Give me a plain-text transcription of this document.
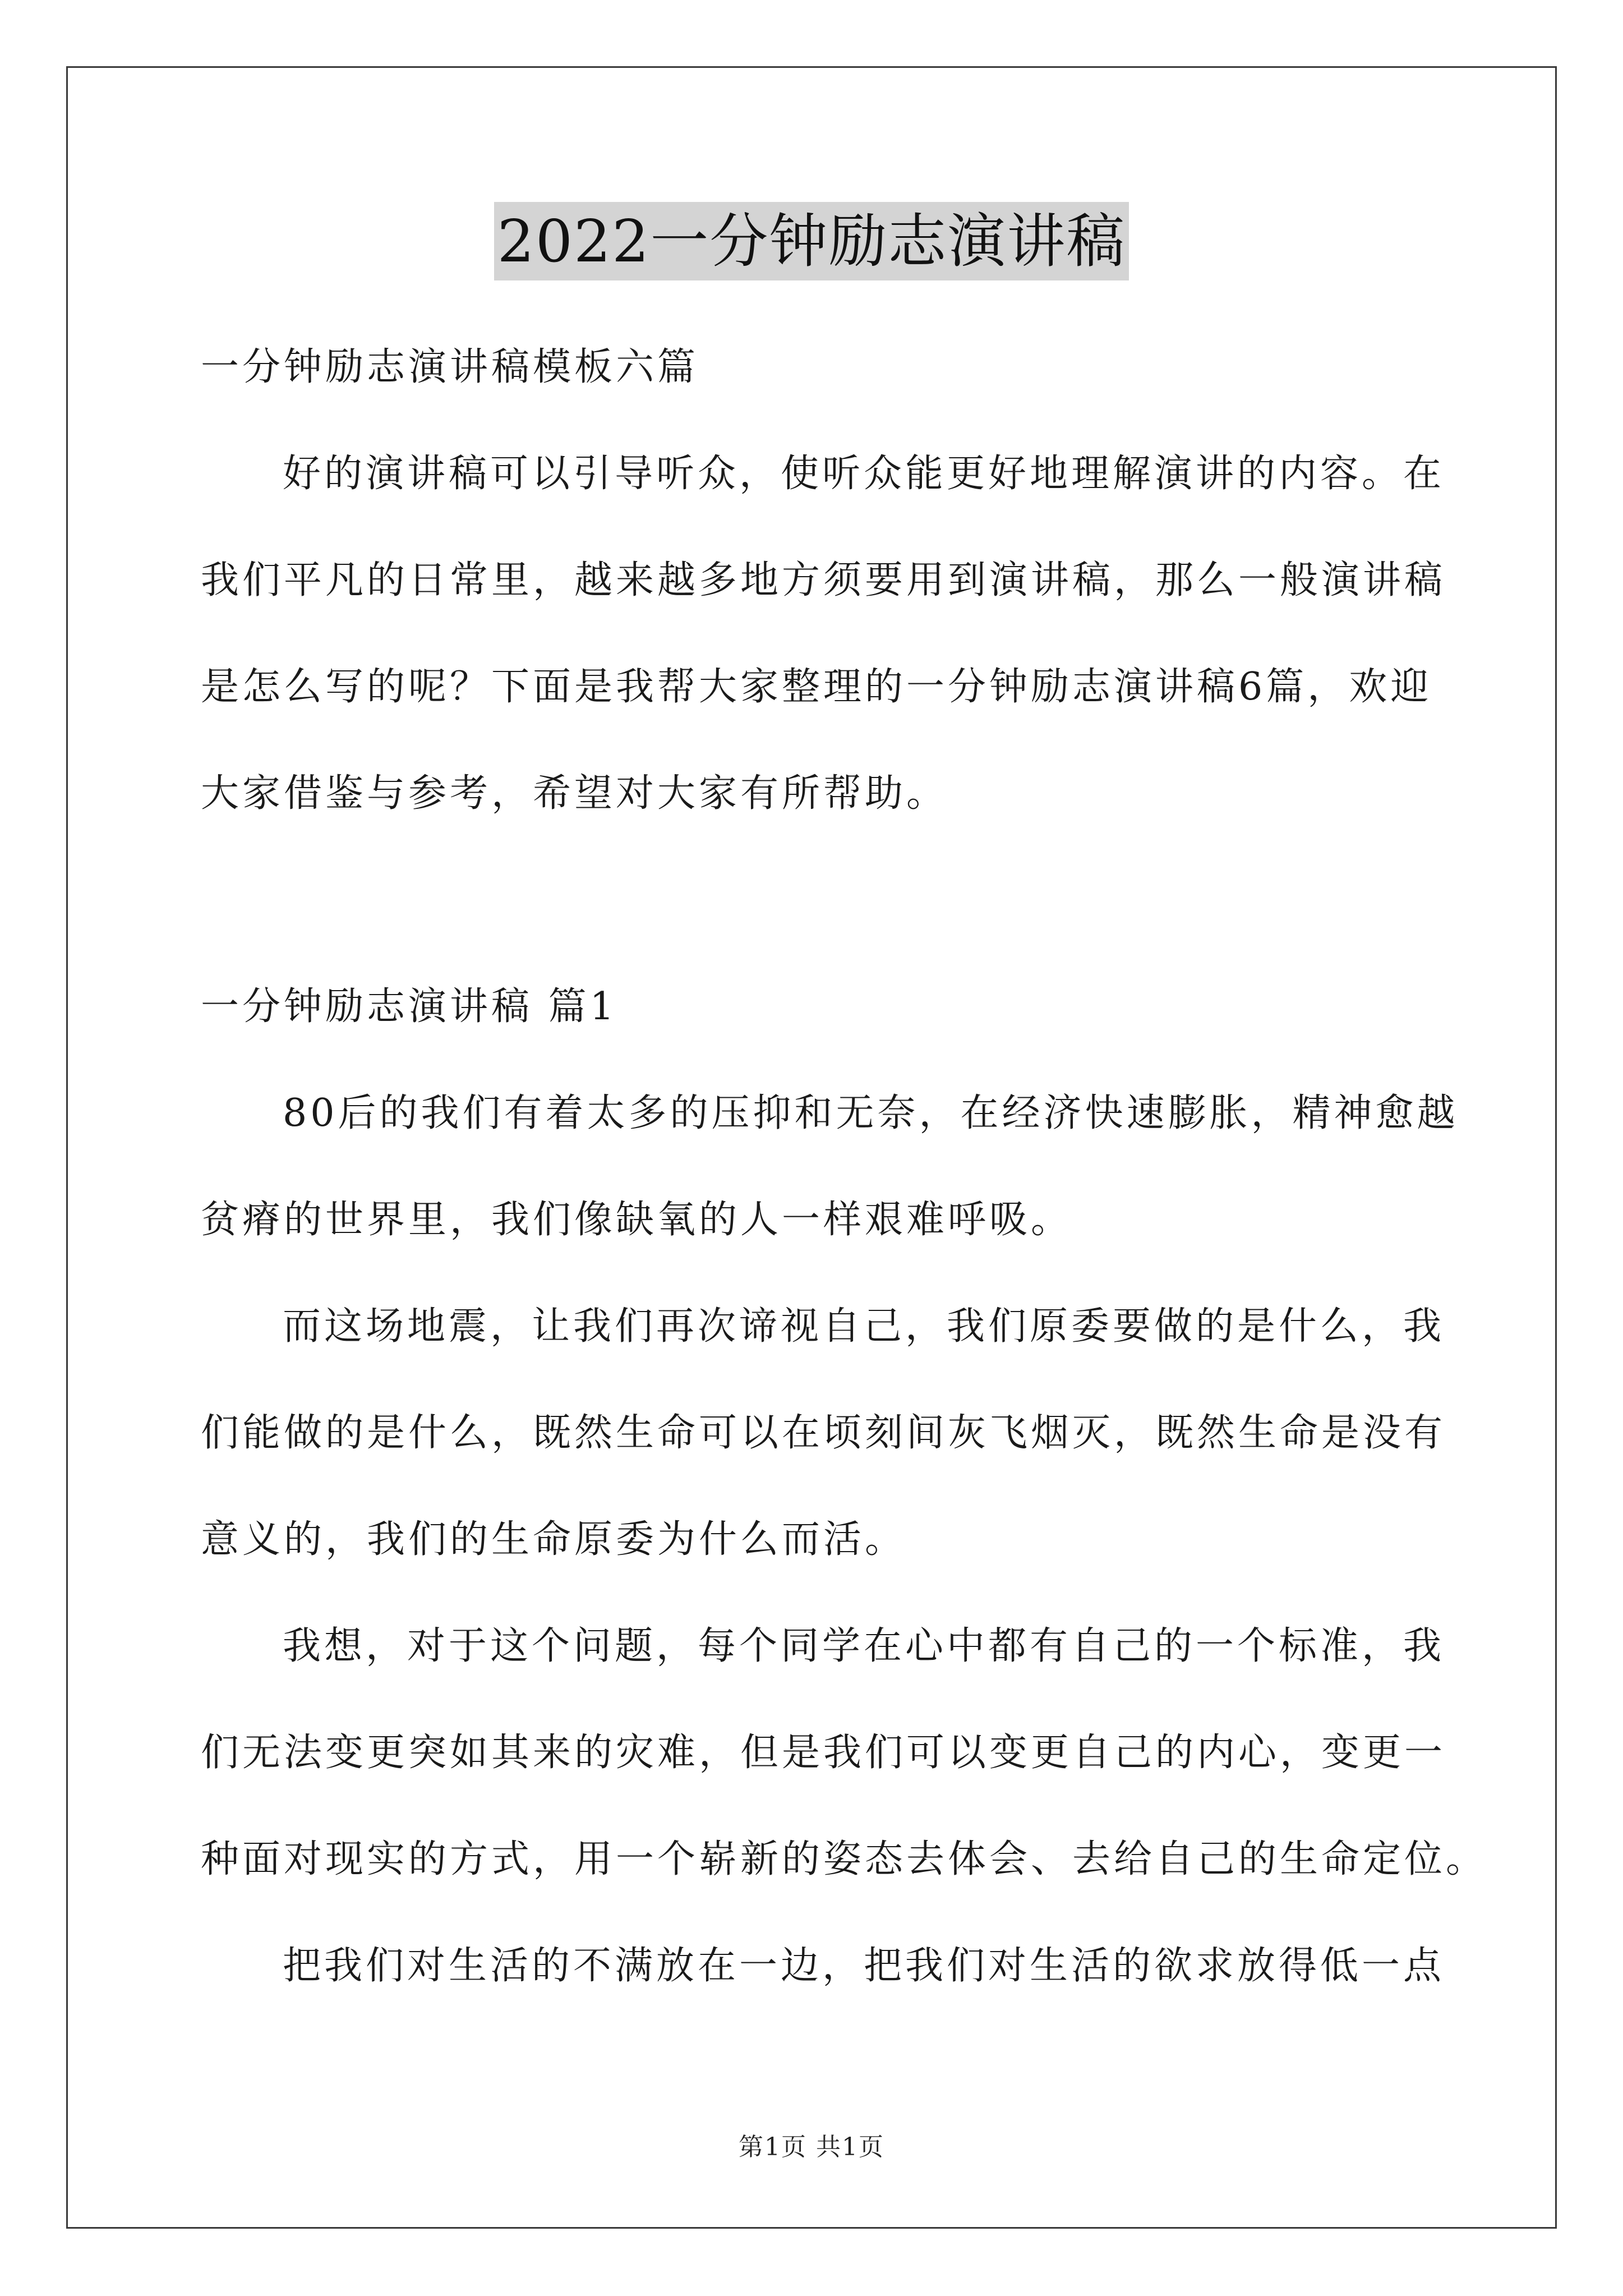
2022一分钟励志演讲稿
一分钟励志演讲稿模板六篇
好的演讲稿可以引导听众，使听众能更好地理解演讲的内容。在
我们平凡的日常里，越来越多地方须要用到演讲稿，那么一般演讲稿
是怎么写的呢？下面是我帮大家整理的一分钟励志演讲稿6篇，欢迎
大家借鉴与参考，希望对大家有所帮助。
一分钟励志演讲稿 篇1
80后的我们有着太多的压抑和无奈，在经济快速膨胀，精神愈越
贫瘠的世界里，我们像缺氧的人一样艰难呼吸。
而这场地震，让我们再次谛视自己，我们原委要做的是什么，我
们能做的是什么，既然生命可以在顷刻间灰飞烟灭，既然生命是没有
意义的，我们的生命原委为什么而活。
我想，对于这个问题，每个同学在心中都有自己的一个标准，我
们无法变更突如其来的灾难，但是我们可以变更自己的内心，变更一
种面对现实的方式，用一个崭新的姿态去体会、去给自己的生命定位。
把我们对生活的不满放在一边，把我们对生活的欲求放得低一点
第1页 共1页
